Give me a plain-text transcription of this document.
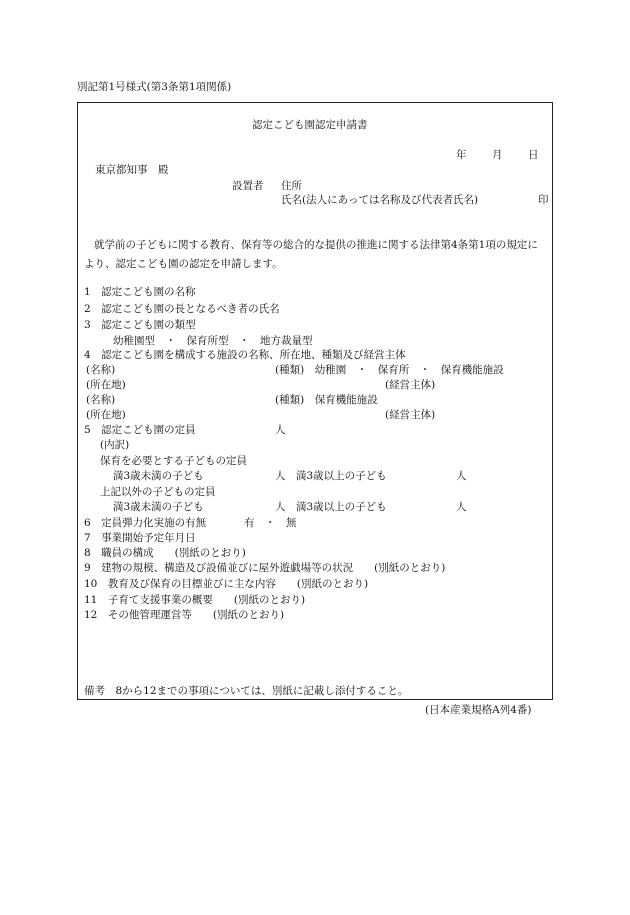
別記第1号様式(第3条第1項関係)
認定こども園認定申請書
年 月 日
東京都知事　殿
設置者 住所
氏名(法人にあっては名称及び代表者氏名)	印
就学前の子どもに関する教育、保育等の総合的な提供の推進に関する法律第4条第1項の規定により、認定こども園の認定を申請します。
1　認定こども園の名称
2　認定こども園の長となるべき者の氏名
3　認定こども園の類型
幼稚園型　・　保育所型　・　地方裁量型
4　認定こども園を構成する施設の名称、所在地、種類及び経営主体
(名称)	(種類)　幼稚園　・　保育所　・　保育機能施設
(所在地)	(経営主体)
(名称)	(種類)　保育機能施設
(所在地)	(経営主体)
5　認定こども園の定員	人
(内訳)
保育を必要とする子どもの定員
満3歳未満の子ども	人 満3歳以上の子ども	人
上記以外の子どもの定員
満3歳未満の子ども	人 満3歳以上の子ども	人
6　定員弾力化実施の有無	有　・　無
7　事業開始予定年月日
8　職員の構成　　(別紙のとおり)
9　建物の規模、構造及び設備並びに屋外遊戯場等の状況　　(別紙のとおり)
10　教育及び保育の目標並びに主な内容　　(別紙のとおり)
11　子育て支援事業の概要　　(別紙のとおり)
12　その他管理運営等　　(別紙のとおり)
備考　8から12までの事項については、別紙に記載し添付すること。
(日本産業規格A列4番)
